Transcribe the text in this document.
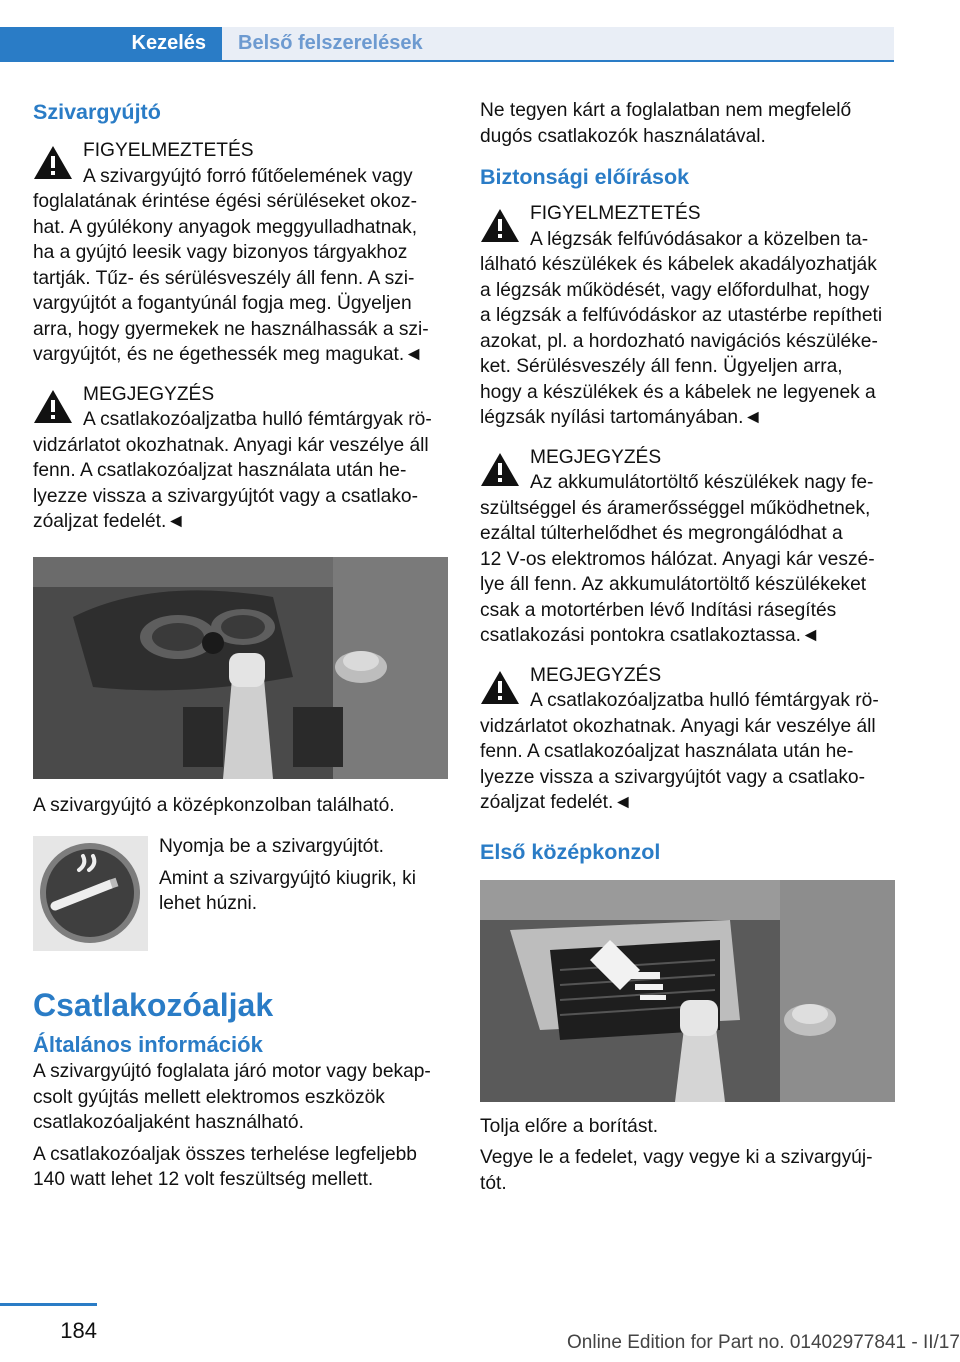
Kezelés	Belső felszerelések

Szivargyújtó

FIGYELMEZTETÉS

A szivargyújtó forró fűtőelemének vagy

foglalatának érintése égési sérüléseket okoz-

hat. A gyúlékony anyagok meggyulladhatnak,

ha a gyújtó leesik vagy bizonyos tárgyakhoz

tartják. Tűz- és sérülésveszély áll fenn. A szi-

vargyújtót a fogantyúnál fogja meg. Ügyeljen

arra, hogy gyermekek ne használhassák a szi-

vargyújtót, és ne égethessék meg magukat.◄

MEGJEGYZÉS

A csatlakozóaljzatba hulló fémtárgyak rö-

vidzárlatot okozhatnak. Anyagi kár veszélye áll

fenn. A csatlakozóaljzat használata után he-

lyezze vissza a szivargyújtót vagy a csatlako-

zóaljzat fedelét.◄

A szivargyújtó a középkonzolban található.

Nyomja be a szivargyújtót.

Amint a szivargyújtó kiugrik, ki

lehet húzni.

Csatlakozóaljak

Általános információk

A szivargyújtó foglalata járó motor vagy bekap-

csolt gyújtás mellett elektromos eszközök

csatlakozóaljaként használható.

A csatlakozóaljak összes terhelése legfeljebb

140 watt lehet 12 volt feszültség mellett.

Ne tegyen kárt a foglalatban nem megfelelő

dugós csatlakozók használatával.

Biztonsági előírások

FIGYELMEZTETÉS

A légzsák felfúvódásakor a közelben ta-

lálható készülékek és kábelek akadályozhatják

a légzsák működését, vagy előfordulhat, hogy

a légzsák a felfúvódáskor az utastérbe repítheti

azokat, pl. a hordozható navigációs készüléke-

ket. Sérülésveszély áll fenn. Ügyeljen arra,

hogy a készülékek és a kábelek ne legyenek a

légzsák nyílási tartományában.◄

MEGJEGYZÉS

Az akkumulátortöltő készülékek nagy fe-

szültséggel és áramerősséggel működhetnek,

ezáltal túlterhelődhet és megrongálódhat a

12 V‑os elektromos hálózat. Anyagi kár veszé-

lye áll fenn. Az akkumulátortöltő készülékeket

csak a motortérben lévő Indítási rásegítés

csatlakozási pontokra csatlakoztassa.◄

MEGJEGYZÉS

A csatlakozóaljzatba hulló fémtárgyak rö-

vidzárlatot okozhatnak. Anyagi kár veszélye áll

fenn. A csatlakozóaljzat használata után he-

lyezze vissza a szivargyújtót vagy a csatlako-

zóaljzat fedelét.◄

Első középkonzol

Tolja előre a borítást.

Vegye le a fedelet, vagy vegye ki a szivargyúj-

tót.

184	Online Edition for Part no. 01402977841 - II/17
